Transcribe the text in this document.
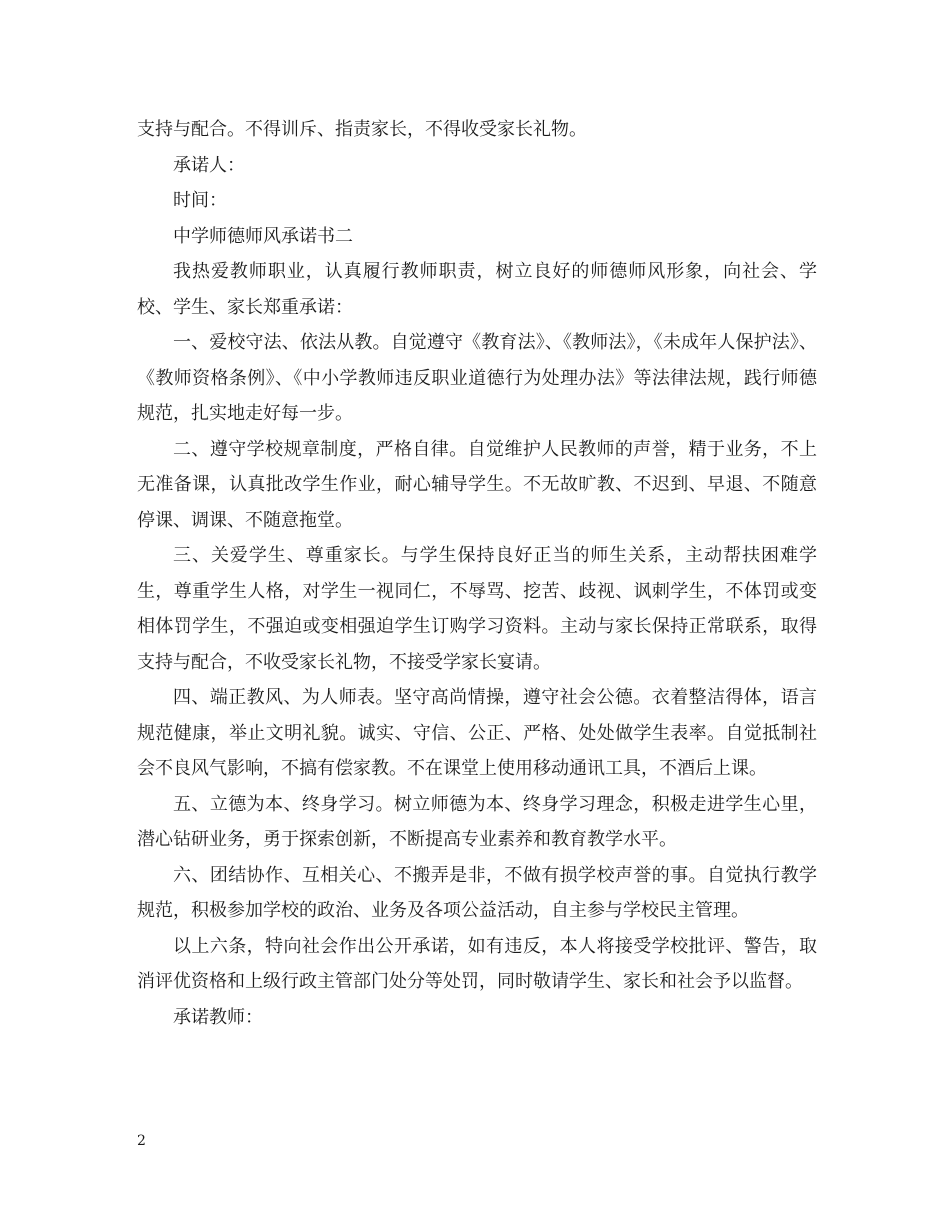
支持与配合。不得训斥、指责家长，不得收受家长礼物。

承诺人：

时间：

中学师德师风承诺书二

我热爱教师职业，认真履行教师职责，树立良好的师德师风形象，向社会、学校、学生、家长郑重承诺：

一、爱校守法、依法从教。自觉遵守《教育法》、《教师法》，《未成年人保护法》、《教师资格条例》、《中小学教师违反职业道德行为处理办法》等法律法规，践行师德规范，扎实地走好每一步。

二、遵守学校规章制度，严格自律。自觉维护人民教师的声誉，精于业务，不上无准备课，认真批改学生作业，耐心辅导学生。不无故旷教、不迟到、早退、不随意停课、调课、不随意拖堂。

三、关爱学生、尊重家长。与学生保持良好正当的师生关系，主动帮扶困难学生，尊重学生人格，对学生一视同仁，不辱骂、挖苦、歧视、讽刺学生，不体罚或变相体罚学生，不强迫或变相强迫学生订购学习资料。主动与家长保持正常联系，取得支持与配合，不收受家长礼物，不接受学家长宴请。

四、端正教风、为人师表。坚守高尚情操，遵守社会公德。衣着整洁得体，语言规范健康，举止文明礼貌。诚实、守信、公正、严格、处处做学生表率。自觉抵制社会不良风气影响，不搞有偿家教。不在课堂上使用移动通讯工具，不酒后上课。

五、立德为本、终身学习。树立师德为本、终身学习理念，积极走进学生心里，潜心钻研业务，勇于探索创新，不断提高专业素养和教育教学水平。

六、团结协作、互相关心、不搬弄是非，不做有损学校声誉的事。自觉执行教学规范，积极参加学校的政治、业务及各项公益活动，自主参与学校民主管理。

以上六条，特向社会作出公开承诺，如有违反，本人将接受学校批评、警告，取消评优资格和上级行政主管部门处分等处罚，同时敬请学生、家长和社会予以监督。

承诺教师：

2
